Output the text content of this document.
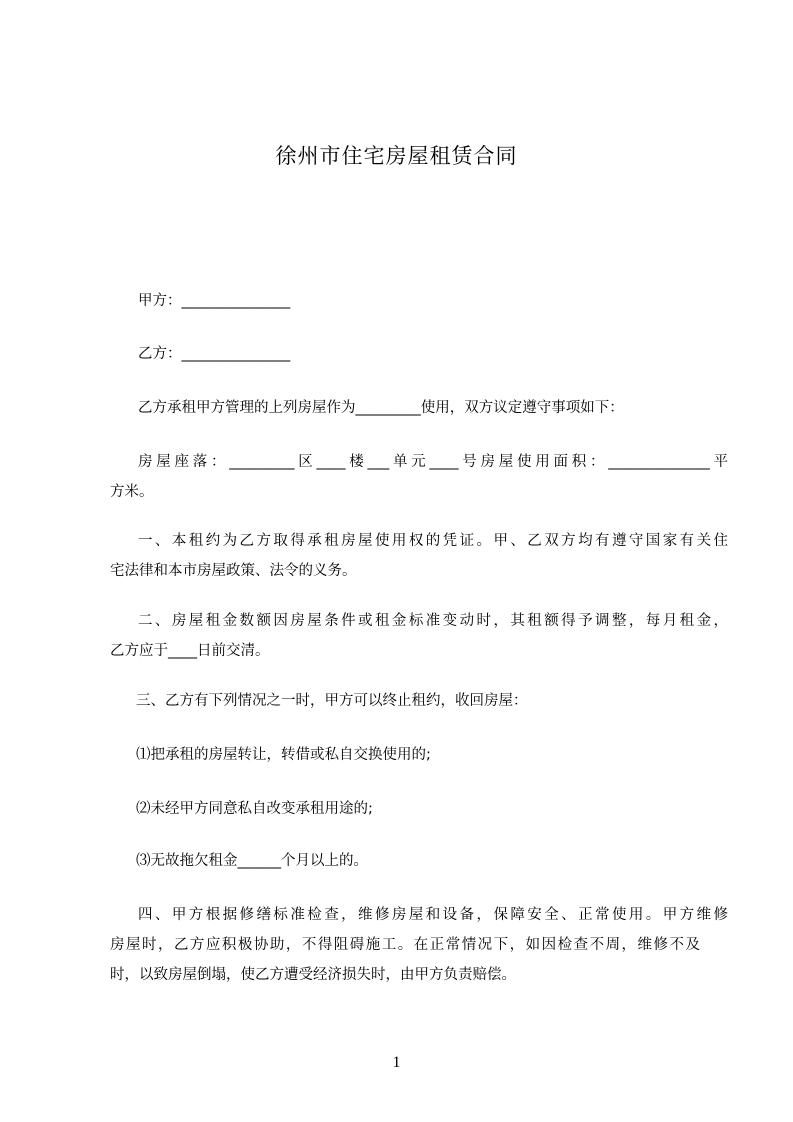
徐州市住宅房屋租赁合同
甲方：_______________
乙方：_______________
乙方承租甲方管理的上列房屋作为_________使用，双方议定遵守事项如下：
房屋座落：_________区____楼___单元____号房屋使用面积：______________平
方米。
一、本租约为乙方取得承租房屋使用权的凭证。甲、乙双方均有遵守国家有关住
宅法律和本市房屋政策、法令的义务。
二、房屋租金数额因房屋条件或租金标准变动时，其租额得予调整，每月租金，
乙方应于____日前交清。
三、乙方有下列情况之一时，甲方可以终止租约，收回房屋：
⑴把承租的房屋转让，转借或私自交换使用的;
⑵未经甲方同意私自改变承租用途的;
⑶无故拖欠租金______个月以上的。
四、甲方根据修缮标准检查，维修房屋和设备，保障安全、正常使用。甲方维修
房屋时，乙方应积极协助，不得阻碍施工。在正常情况下，如因检查不周，维修不及
时，以致房屋倒塌，使乙方遭受经济损失时，由甲方负责赔偿。
1
